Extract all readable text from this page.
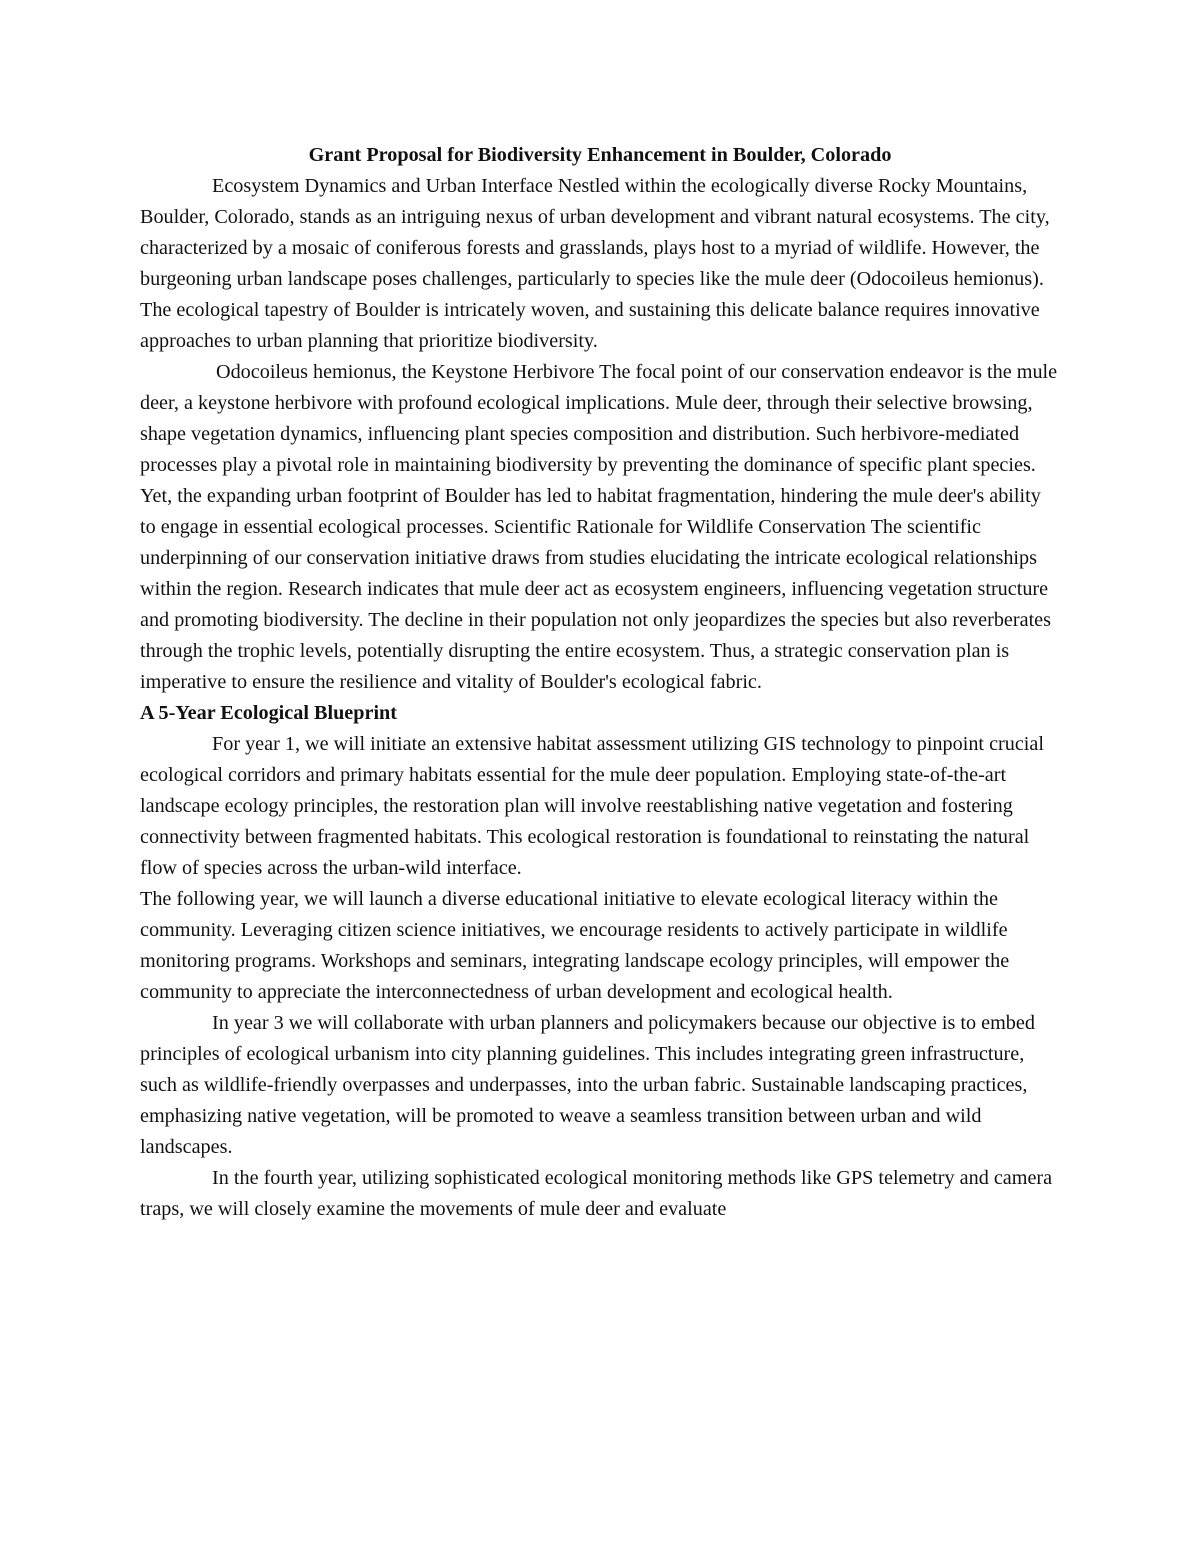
Grant Proposal for Biodiversity Enhancement in Boulder, Colorado

Ecosystem Dynamics and Urban Interface Nestled within the ecologically diverse Rocky Mountains, Boulder, Colorado, stands as an intriguing nexus of urban development and vibrant natural ecosystems. The city, characterized by a mosaic of coniferous forests and grasslands, plays host to a myriad of wildlife. However, the burgeoning urban landscape poses challenges, particularly to species like the mule deer (Odocoileus hemionus). The ecological tapestry of Boulder is intricately woven, and sustaining this delicate balance requires innovative approaches to urban planning that prioritize biodiversity.

Odocoileus hemionus, the Keystone Herbivore The focal point of our conservation endeavor is the mule deer, a keystone herbivore with profound ecological implications. Mule deer, through their selective browsing, shape vegetation dynamics, influencing plant species composition and distribution. Such herbivore-mediated processes play a pivotal role in maintaining biodiversity by preventing the dominance of specific plant species. Yet, the expanding urban footprint of Boulder has led to habitat fragmentation, hindering the mule deer's ability to engage in essential ecological processes. Scientific Rationale for Wildlife Conservation The scientific underpinning of our conservation initiative draws from studies elucidating the intricate ecological relationships within the region. Research indicates that mule deer act as ecosystem engineers, influencing vegetation structure and promoting biodiversity. The decline in their population not only jeopardizes the species but also reverberates through the trophic levels, potentially disrupting the entire ecosystem. Thus, a strategic conservation plan is imperative to ensure the resilience and vitality of Boulder's ecological fabric.

A 5-Year Ecological Blueprint

For year 1, we will initiate an extensive habitat assessment utilizing GIS technology to pinpoint crucial ecological corridors and primary habitats essential for the mule deer population. Employing state-of-the-art landscape ecology principles, the restoration plan will involve reestablishing native vegetation and fostering connectivity between fragmented habitats. This ecological restoration is foundational to reinstating the natural flow of species across the urban-wild interface.

The following year, we will launch a diverse educational initiative to elevate ecological literacy within the community. Leveraging citizen science initiatives, we encourage residents to actively participate in wildlife monitoring programs. Workshops and seminars, integrating landscape ecology principles, will empower the community to appreciate the interconnectedness of urban development and ecological health.

In year 3 we will collaborate with urban planners and policymakers because our objective is to embed principles of ecological urbanism into city planning guidelines. This includes integrating green infrastructure, such as wildlife-friendly overpasses and underpasses, into the urban fabric. Sustainable landscaping practices, emphasizing native vegetation, will be promoted to weave a seamless transition between urban and wild landscapes.

In the fourth year, utilizing sophisticated ecological monitoring methods like GPS telemetry and camera traps, we will closely examine the movements of mule deer and evaluate
